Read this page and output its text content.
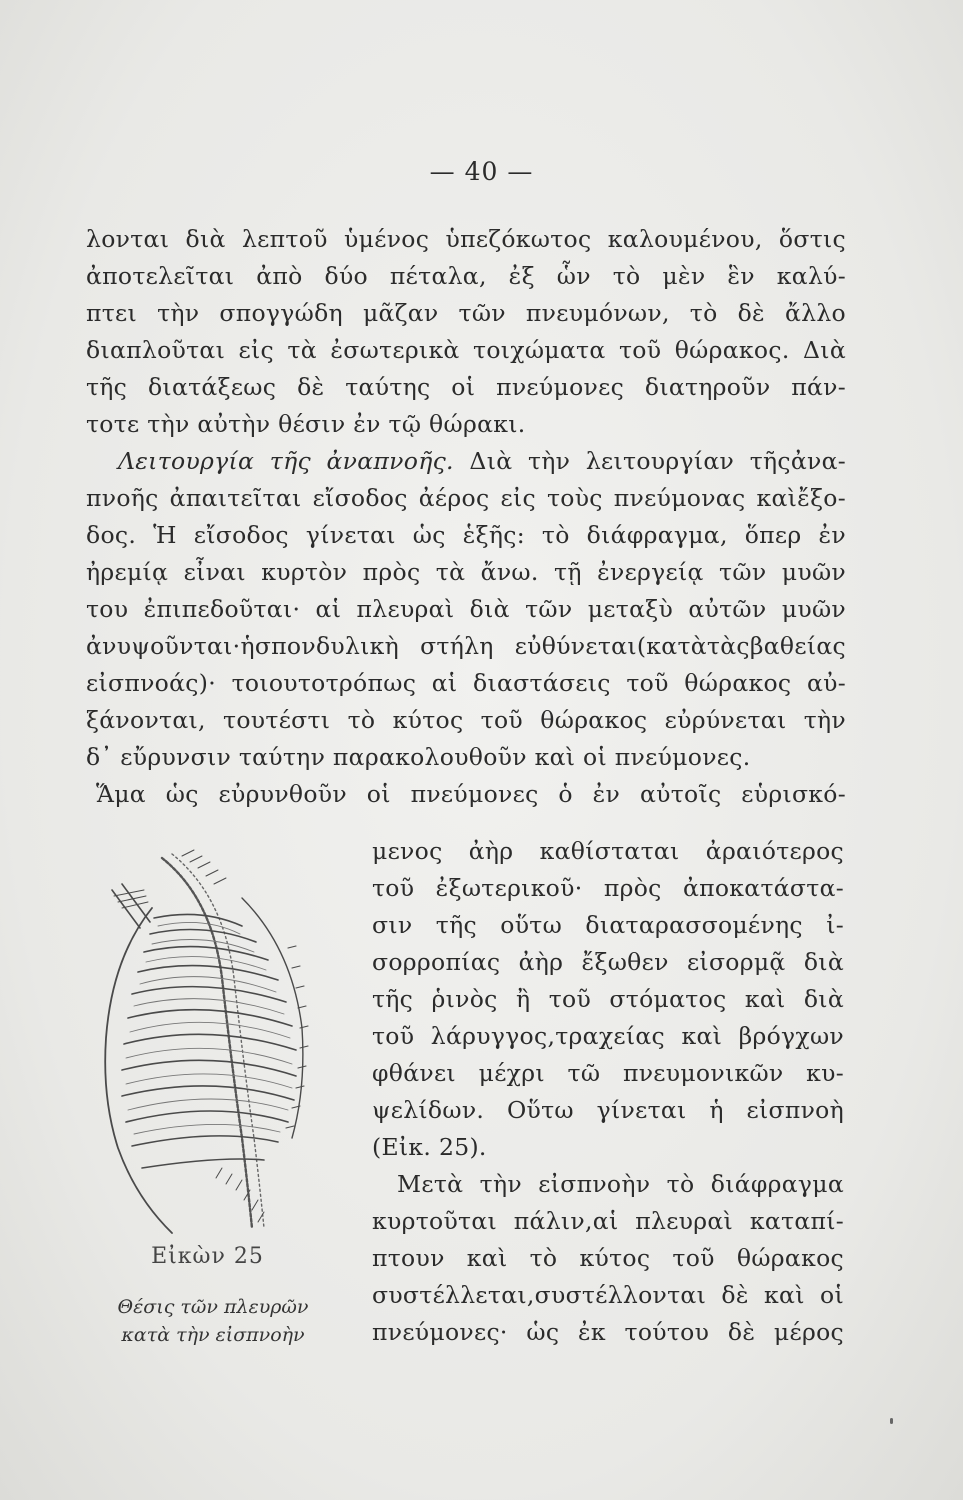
— 40 —
λονται διὰ λεπτοῦ ὑμένος ὑπεζόκωτος καλουμένου, ὅστις
ἀποτελεῖται ἀπὸ δύο πέταλα, ἐξ ὧν τὸ μὲν ἓν καλύ-
πτει τὴν σπογγώδη μᾶζαν τῶν πνευμόνων, τὸ δὲ ἄλλο
διαπλοῦται εἰς τὰ ἐσωτερικὰ τοιχώματα τοῦ θώρακος. Διὰ
τῆς διατάξεως δὲ ταύτης οἱ πνεύμονες διατηροῦν πάν-
τοτε τὴν αὐτὴν θέσιν ἐν τῷ θώρακι.
Λειτουργία τῆς ἀναπνοῆς. Διὰ τὴν λειτουργίαν τῆςἀνα-
πνοῆς ἀπαιτεῖται εἴσοδος ἀέρος εἰς τοὺς πνεύμονας καὶἔξο-
δος. Ἡ εἴσοδος γίνεται ὡς ἑξῆς: τὸ διάφραγμα, ὅπερ ἐν
ἠρεμίᾳ εἶναι κυρτὸν πρὸς τὰ ἄνω. τῇ ἐνεργείᾳ τῶν μυῶν
του ἐπιπεδοῦται· αἱ πλευραὶ διὰ τῶν μεταξὺ αὐτῶν μυῶν
ἀνυψοῦνται·ἡσπονδυλικὴ στήλη εὐθύνεται(κατὰτὰςβαθείας
εἰσπνοάς)· τοιουτοτρόπως αἱ διαστάσεις τοῦ θώρακος αὐ-
ξάνονται, τουτέστι τὸ κύτος τοῦ θώρακος εὐρύνεται τὴν
δ᾽ εὔρυνσιν ταύτην παρακολουθοῦν καὶ οἱ πνεύμονες.
Ἅμα ὡς εὐρυνθοῦν οἱ πνεύμονες ὁ ἐν αὐτοῖς εὑρισκό-
μενος ἀὴρ καθίσταται ἀραιότερος
τοῦ ἐξωτερικοῦ· πρὸς ἀποκατάστα-
σιν τῆς οὕτω διαταρασσομένης ἰ-
σορροπίας ἀὴρ ἔξωθεν εἰσορμᾷ διὰ
τῆς ῥινὸς ἢ τοῦ στόματος καὶ διὰ
τοῦ λάρυγγος,τραχείας καὶ βρόγχων
φθάνει μέχρι τῶ πνευμονικῶν κυ-
ψελίδων. Οὕτω γίνεται ἡ εἰσπνοὴ
(Εἰκ. 25).
Μετὰ τὴν εἰσπνοὴν τὸ διάφραγμα
κυρτοῦται πάλιν,αἱ πλευραὶ καταπί-
πτουν καὶ τὸ κύτος τοῦ θώρακος
συστέλλεται,συστέλλονται δὲ καὶ οἱ
πνεύμονες· ὡς ἐκ τούτου δὲ μέρος
Εἰκὼν 25
Θέσις τῶν πλευρῶν
κατὰ τὴν εἰσπνοὴν
